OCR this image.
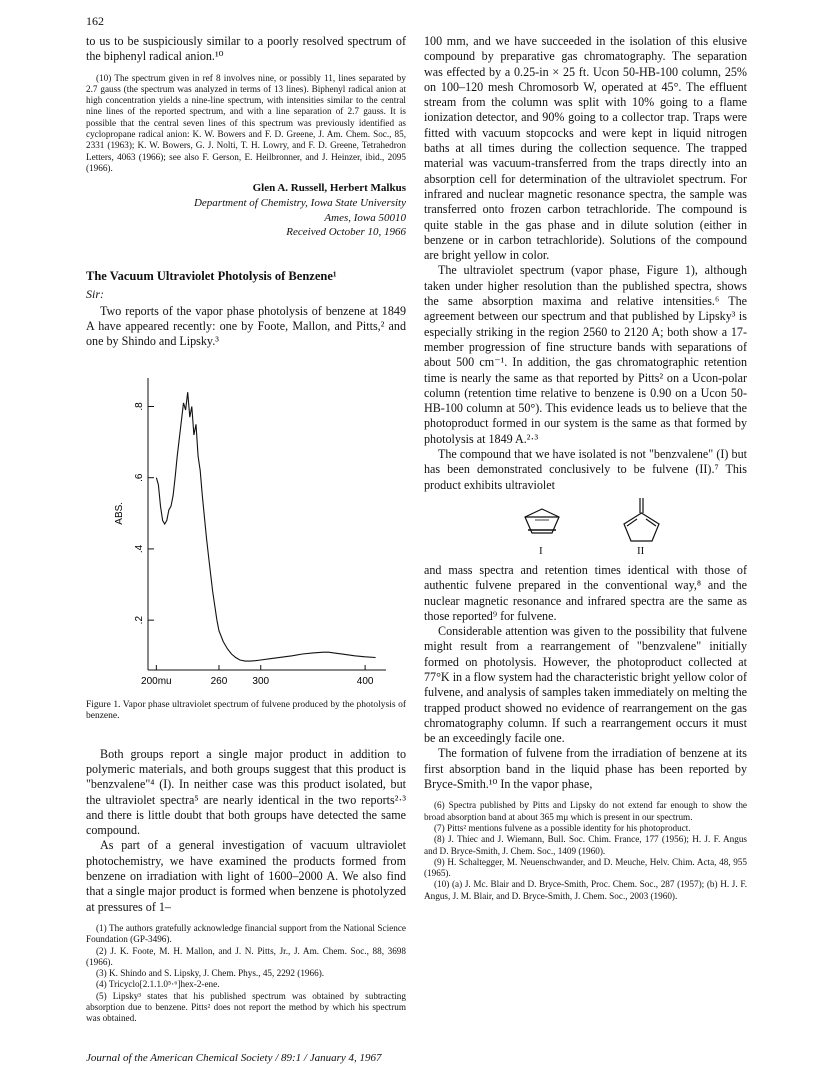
162

to us to be suspiciously similar to a poorly resolved spectrum of the biphenyl radical anion.¹⁰

(10) The spectrum given in ref 8 involves nine, or possibly 11, lines separated by 2.7 gauss (the spectrum was analyzed in terms of 13 lines). Biphenyl radical anion at high concentration yields a nine-line spectrum, with intensities similar to the central nine lines of the reported spectrum, and with a line separation of 2.7 gauss. It is possible that the central seven lines of this spectrum was previously identified as cyclopropane radical anion: K. W. Bowers and F. D. Greene, J. Am. Chem. Soc., 85, 2331 (1963); K. W. Bowers, G. J. Nolti, T. H. Lowry, and F. D. Greene, Tetrahedron Letters, 4063 (1966); see also F. Gerson, E. Heilbronner, and J. Heinzer, ibid., 2095 (1966).

Glen A. Russell, Herbert Malkus
Department of Chemistry, Iowa State University
Ames, Iowa 50010
Received October 10, 1966
The Vacuum Ultraviolet Photolysis of Benzene¹
Sir:

Two reports of the vapor phase photolysis of benzene at 1849 A have appeared recently: one by Foote, Mallon, and Pitts,² and one by Shindo and Lipsky.³

.2
.4
.6
.8
200mu	260	300	400
ABS.

Figure 1. Vapor phase ultraviolet spectrum of fulvene produced by the photolysis of benzene.

Both groups report a single major product in addition to polymeric materials, and both groups suggest that this product is "benzvalene"⁴ (I). In neither case was this product isolated, but the ultraviolet spectra⁵ are nearly identical in the two reports²·³ and there is little doubt that both groups have detected the same compound.

As part of a general investigation of vacuum ultraviolet photochemistry, we have examined the products formed from benzene on irradiation with light of 1600–2000 A. We also find that a single major product is formed when benzene is photolyzed at pressures of 1–

(1) The authors gratefully acknowledge financial support from the National Science Foundation (GP-3496).

(2) J. K. Foote, M. H. Mallon, and J. N. Pitts, Jr., J. Am. Chem. Soc., 88, 3698 (1966).

(3) K. Shindo and S. Lipsky, J. Chem. Phys., 45, 2292 (1966).

(4) Tricyclo[2.1.1.0⁵·⁶]hex-2-ene.

(5) Lipsky³ states that his published spectrum was obtained by subtracting absorption due to benzene. Pitts² does not report the method by which his spectrum was obtained.

100 mm, and we have succeeded in the isolation of this elusive compound by preparative gas chromatography. The separation was effected by a 0.25-in × 25 ft. Ucon 50-HB-100 column, 25% on 100–120 mesh Chromosorb W, operated at 45°. The effluent stream from the column was split with 10% going to a flame ionization detector, and 90% going to a collector trap. Traps were fitted with vacuum stopcocks and were kept in liquid nitrogen baths at all times during the collection sequence. The trapped material was vacuum-transferred from the traps directly into an absorption cell for determination of the ultraviolet spectrum. For infrared and nuclear magnetic resonance spectra, the sample was transferred onto frozen carbon tetrachloride. The compound is quite stable in the gas phase and in dilute solution (either in benzene or in carbon tetrachloride). Solutions of the compound are bright yellow in color.

The ultraviolet spectrum (vapor phase, Figure 1), although taken under higher resolution than the published spectra, shows the same absorption maxima and relative intensities.⁶ The agreement between our spectrum and that published by Lipsky³ is especially striking in the region 2560 to 2120 A; both show a 17-member progression of fine structure bands with separations of about 500 cm⁻¹. In addition, the gas chromatographic retention time is nearly the same as that reported by Pitts² on a Ucon-polar column (retention time relative to benzene is 0.90 on a Ucon 50-HB-100 column at 50°). This evidence leads us to believe that the photoproduct formed in our system is the same as that formed by photolysis at 1849 A.²·³

The compound that we have isolated is not "benzvalene" (I) but has been demonstrated conclusively to be fulvene (II).⁷ This product exhibits ultraviolet

I	II

and mass spectra and retention times identical with those of authentic fulvene prepared in the conventional way,⁸ and the nuclear magnetic resonance and infrared spectra are the same as those reported⁹ for fulvene.

Considerable attention was given to the possibility that fulvene might result from a rearrangement of "benzvalene" initially formed on photolysis. However, the photoproduct collected at 77°K in a flow system had the characteristic bright yellow color of fulvene, and analysis of samples taken immediately on melting the trapped product showed no evidence of rearrangement on the gas chromatography column. If such a rearrangement occurs it must be an exceedingly facile one.

The formation of fulvene from the irradiation of benzene at its first absorption band in the liquid phase has been reported by Bryce-Smith.¹⁰ In the vapor phase,

(6) Spectra published by Pitts and Lipsky do not extend far enough to show the broad absorption band at about 365 mμ which is present in our spectrum.

(7) Pitts² mentions fulvene as a possible identity for his photoproduct.

(8) J. Thiec and J. Wiemann, Bull. Soc. Chim. France, 177 (1956); H. J. F. Angus and D. Bryce-Smith, J. Chem. Soc., 1409 (1960).

(9) H. Schaltegger, M. Neuenschwander, and D. Meuche, Helv. Chim. Acta, 48, 955 (1965).

(10) (a) J. Mc. Blair and D. Bryce-Smith, Proc. Chem. Soc., 287 (1957); (b) H. J. F. Angus, J. M. Blair, and D. Bryce-Smith, J. Chem. Soc., 2003 (1960).

Journal of the American Chemical Society / 89:1 / January 4, 1967
